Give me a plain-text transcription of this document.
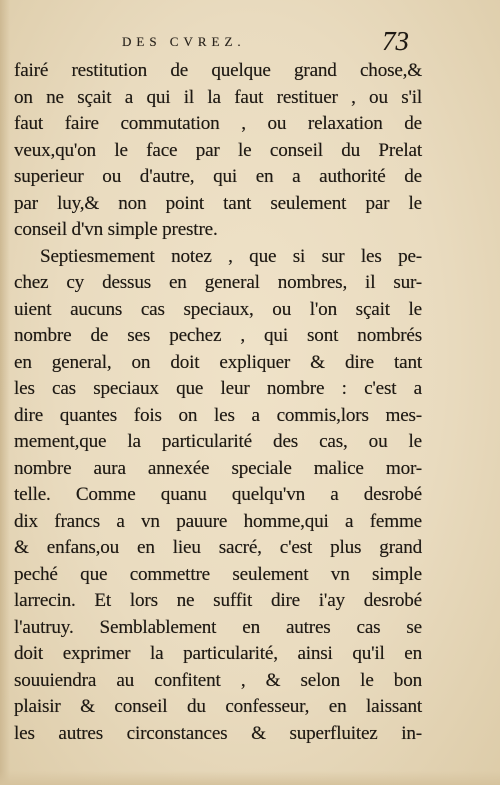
DES CVREZ.	73
fairé restitution de quelque grand chose,&
on ne sçait a qui il la faut restituer , ou s'il
faut faire commutation , ou relaxation de
veux,qu'on le face par le conseil du Prelat
superieur ou d'autre, qui en a authorité de
par luy,& non point tant seulement par le
conseil d'vn simple prestre.
Septiesmement notez , que si sur les pe-
chez cy dessus en general nombres, il sur-
uient aucuns cas speciaux, ou l'on sçait le
nombre de ses pechez , qui sont nombrés
en general, on doit expliquer & dire tant
les cas speciaux que leur nombre : c'est a
dire quantes fois on les a commis,lors mes-
mement,que la particularité des cas, ou le
nombre aura annexée speciale malice mor-
telle. Comme quanu quelqu'vn a desrobé
dix francs a vn pauure homme,qui a femme
& enfans,ou en lieu sacré, c'est plus grand
peché que commettre seulement vn simple
larrecin. Et lors ne suffit dire i'ay desrobé
l'autruy. Semblablement en autres cas se
doit exprimer la particularité, ainsi qu'il en
souuiendra au confitent , & selon le bon
plaisir & conseil du confesseur, en laissant
les autres circonstances & superfluitez in-
